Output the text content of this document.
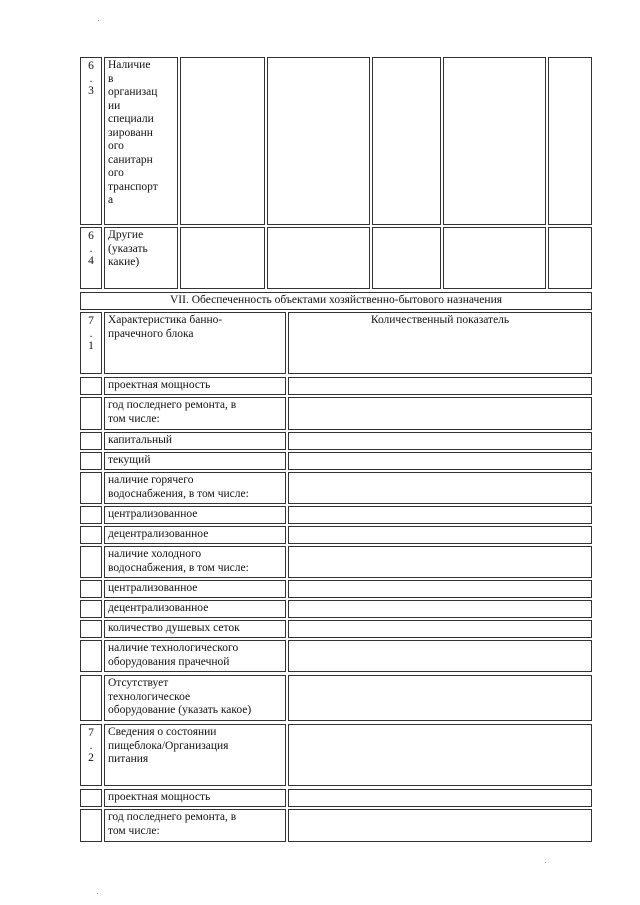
6
.
3
Наличие
в
организац
ии
специали
зированн
ого
санитарн
ого
транспорт
а
6
.
4
Другие
(указать
какие)
VII. Обеспеченность объектами хозяйственно-бытового назначения
7
.
1
Характеристика банно-
прачечного блока
Количественный показатель
проектная мощность
год последнего ремонта, в
том числе:
капитальный
текущий
наличие горячего
водоснабжения, в том числе:
централизованное
децентрализованное
наличие холодного
водоснабжения, в том числе:
централизованное
децентрализованное
количество душевых сеток
наличие технологического
оборудования прачечной
Отсутствует
технологическое
оборудование (указать какое)
7
.
2
Сведения о состоянии
пищеблока/Организация
питания
проектная мощность
год последнего ремонта, в
том числе:
